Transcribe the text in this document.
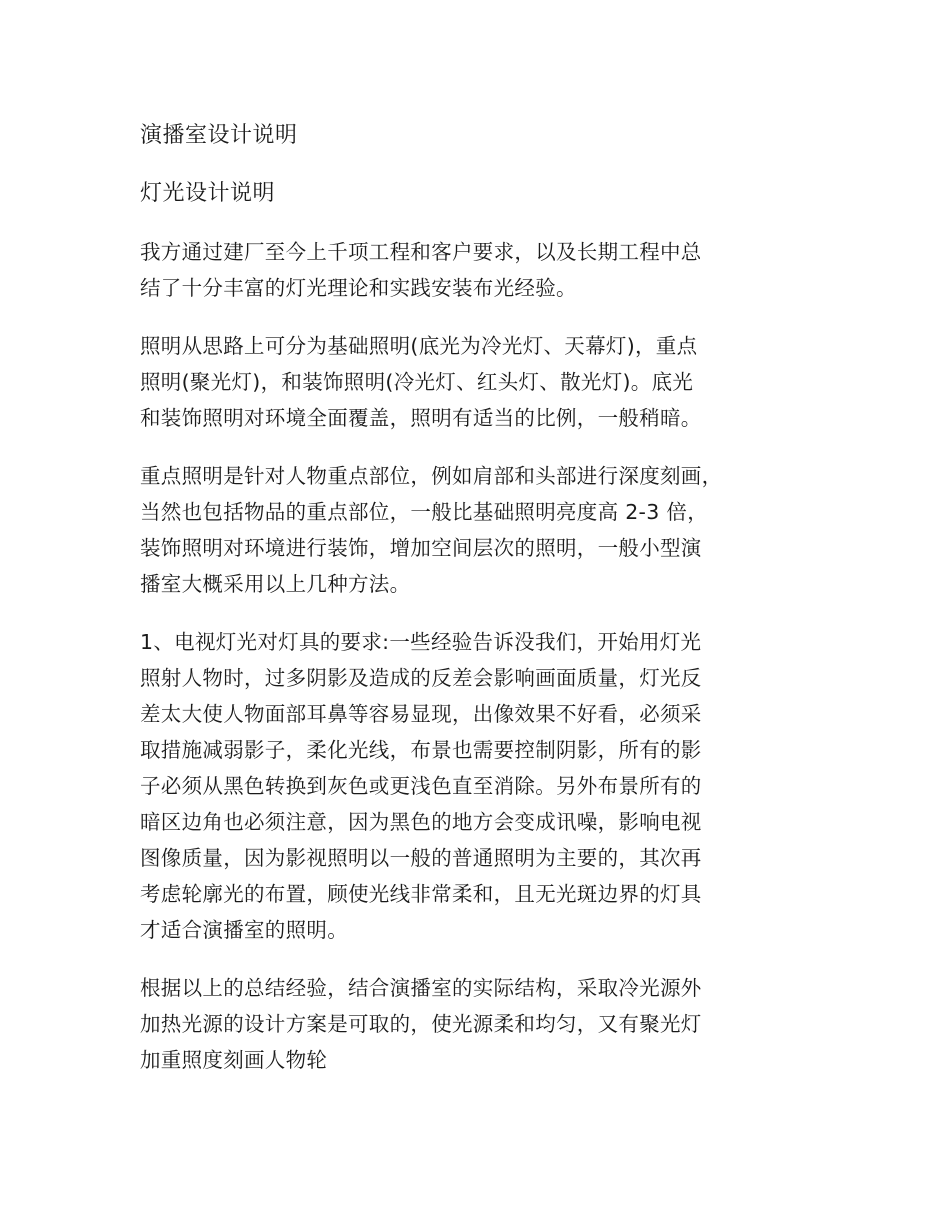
演播室设计说明
灯光设计说明
我方通过建厂至今上千项工程和客户要求，以及长期工程中总
结了十分丰富的灯光理论和实践安装布光经验。
照明从思路上可分为基础照明(底光为冷光灯、天幕灯)，重点
照明(聚光灯)，和装饰照明(冷光灯、红头灯、散光灯)。底光
和装饰照明对环境全面覆盖，照明有适当的比例，一般稍暗。
重点照明是针对人物重点部位，例如肩部和头部进行深度刻画，
当然也包括物品的重点部位，一般比基础照明亮度高 2-3 倍，
装饰照明对环境进行装饰，增加空间层次的照明，一般小型演
播室大概采用以上几种方法。
1、电视灯光对灯具的要求:一些经验告诉没我们，开始用灯光
照射人物时，过多阴影及造成的反差会影响画面质量，灯光反
差太大使人物面部耳鼻等容易显现，出像效果不好看，必须采
取措施减弱影子，柔化光线，布景也需要控制阴影，所有的影
子必须从黑色转换到灰色或更浅色直至消除。另外布景所有的
暗区边角也必须注意，因为黑色的地方会变成讯噪，影响电视
图像质量，因为影视照明以一般的普通照明为主要的，其次再
考虑轮廓光的布置，顾使光线非常柔和，且无光斑边界的灯具
才适合演播室的照明。
根据以上的总结经验，结合演播室的实际结构，采取冷光源外
加热光源的设计方案是可取的，使光源柔和均匀，又有聚光灯
加重照度刻画人物轮
